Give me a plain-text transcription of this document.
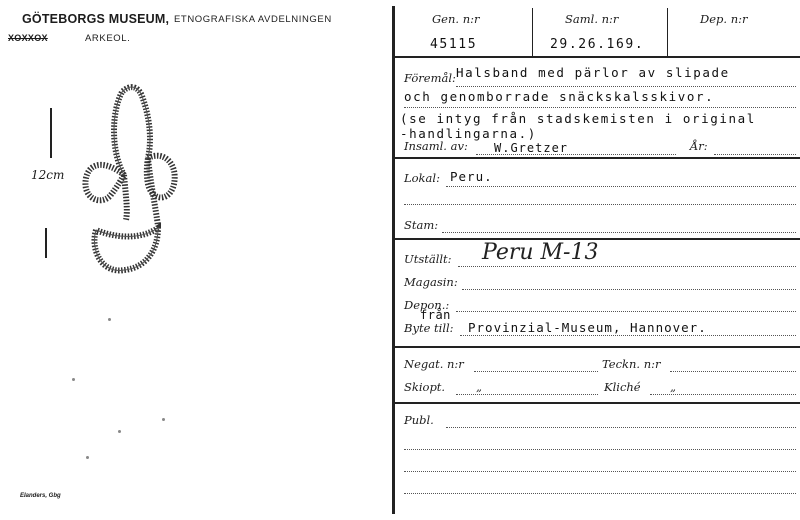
GÖTEBORGS MUSEUM, ETNOGRAFISKA AVDELNINGEN
XOXXOX	ARKEOL.
12cm
Elanders, Gbg
Gen. n:r	Saml. n:r	Dep. n:r
45115	29.26.169.
Föremål: Halsband med pärlor av slipade
och genomborrade snäckskalsskivor.
(se intyg från stadskemisten i original
-handlingarna.)
Insaml. av: W.Gretzer	År:
Lokal: Peru.
Stam:
Utställt: Peru M-13
Magasin:
Depon.:
från
Byte till: Provinzial-Museum, Hannover.
Negat. n:r	Teckn. n:r
Skiopt.	„	Kliché	„
Publ.
